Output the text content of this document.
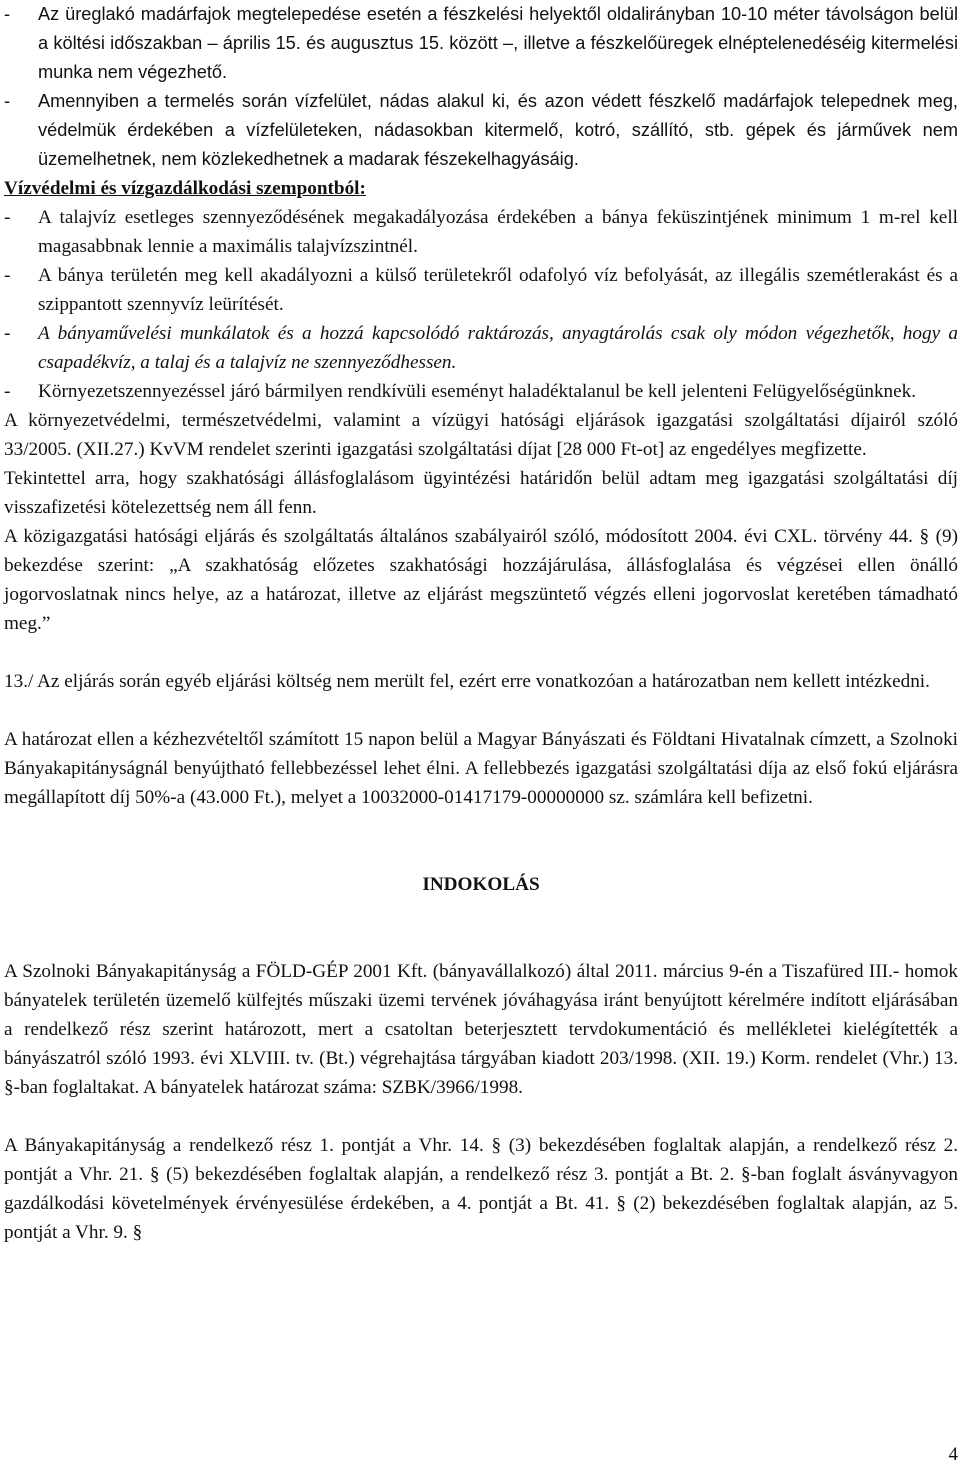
-	Az üreglakó madárfajok megtelepedése esetén a fészkelési helyektől oldalirányban 10-10 méter távolságon belül a költési időszakban – április 15. és augusztus 15. között –, illetve a fészkelőüregek elnéptelenedéséig kitermelési munka nem végezhető.
-	Amennyiben a termelés során vízfelület, nádas alakul ki, és azon védett fészkelő madárfajok telepednek meg, védelmük érdekében a vízfelületeken, nádasokban kitermelő, kotró, szállító, stb. gépek és járművek nem üzemelhetnek, nem közlekedhetnek a madarak fészekelhagyásáig.

Vízvédelmi és vízgazdálkodási szempontból:

-	A talajvíz esetleges szennyeződésének megakadályozása érdekében a bánya feküszintjének minimum 1 m-rel kell magasabbnak lennie a maximális talajvízszintnél.
-	A bánya területén meg kell akadályozni a külső területekről odafolyó víz befolyását, az illegális szemétlerakást és a szippantott szennyvíz leürítését.
-	A bányaművelési munkálatok és a hozzá kapcsolódó raktározás, anyagtárolás csak oly módon végezhetők, hogy a csapadékvíz, a talaj és a talajvíz ne szennyeződhessen.
-	Környezetszennyezéssel járó bármilyen rendkívüli eseményt haladéktalanul be kell jelenteni Felügyelőségünknek.

A környezetvédelmi, természetvédelmi, valamint a vízügyi hatósági eljárások igazgatási szolgáltatási díjairól szóló 33/2005. (XII.27.) KvVM rendelet szerinti igazgatási szolgáltatási díjat [28 000 Ft-ot] az engedélyes megfizette.

Tekintettel arra, hogy szakhatósági állásfoglalásom ügyintézési határidőn belül adtam meg igazgatási szolgáltatási díj visszafizetési kötelezettség nem áll fenn.

A közigazgatási hatósági eljárás és szolgáltatás általános szabályairól szóló, módosított 2004. évi CXL. törvény 44. § (9) bekezdése szerint: „A szakhatóság előzetes szakhatósági hozzájárulása, állásfoglalása és végzései ellen önálló jogorvoslatnak nincs helye, az a határozat, illetve az eljárást megszüntető végzés elleni jogorvoslat keretében támadható meg.”

13./ Az eljárás során egyéb eljárási költség nem merült fel, ezért erre vonatkozóan a határozatban nem kellett intézkedni.

A határozat ellen a kézhezvételtől számított 15 napon belül a Magyar Bányászati és Földtani Hivatalnak címzett, a Szolnoki Bányakapitányságnál benyújtható fellebbezéssel lehet élni. A fellebbezés igazgatási szolgáltatási díja az első fokú eljárásra megállapított díj 50%-a (43.000 Ft.), melyet a 10032000-01417179-00000000 sz. számlára kell befizetni.

INDOKOLÁS

A Szolnoki Bányakapitányság a FÖLD-GÉP 2001 Kft. (bányavállalkozó) által 2011. március 9-én a Tiszafüred III.- homok bányatelek területén üzemelő külfejtés műszaki üzemi tervének jóváhagyása iránt benyújtott kérelmére indított eljárásában a rendelkező rész szerint határozott, mert a csatoltan beterjesztett tervdokumentáció és mellékletei kielégítették a bányászatról szóló 1993. évi XLVIII. tv. (Bt.) végrehajtása tárgyában kiadott 203/1998. (XII. 19.) Korm. rendelet (Vhr.) 13. §-ban foglaltakat. A bányatelek határozat száma: SZBK/3966/1998.

A Bányakapitányság a rendelkező rész 1. pontját a Vhr. 14. § (3) bekezdésében foglaltak alapján, a rendelkező rész 2. pontját a Vhr. 21. § (5) bekezdésében foglaltak alapján, a rendelkező rész 3. pontját a Bt. 2. §-ban foglalt ásványvagyon gazdálkodási követelmények érvényesülése érdekében, a 4. pontját a Bt. 41. § (2) bekezdésében foglaltak alapján, az 5. pontját a Vhr. 9. §

4
